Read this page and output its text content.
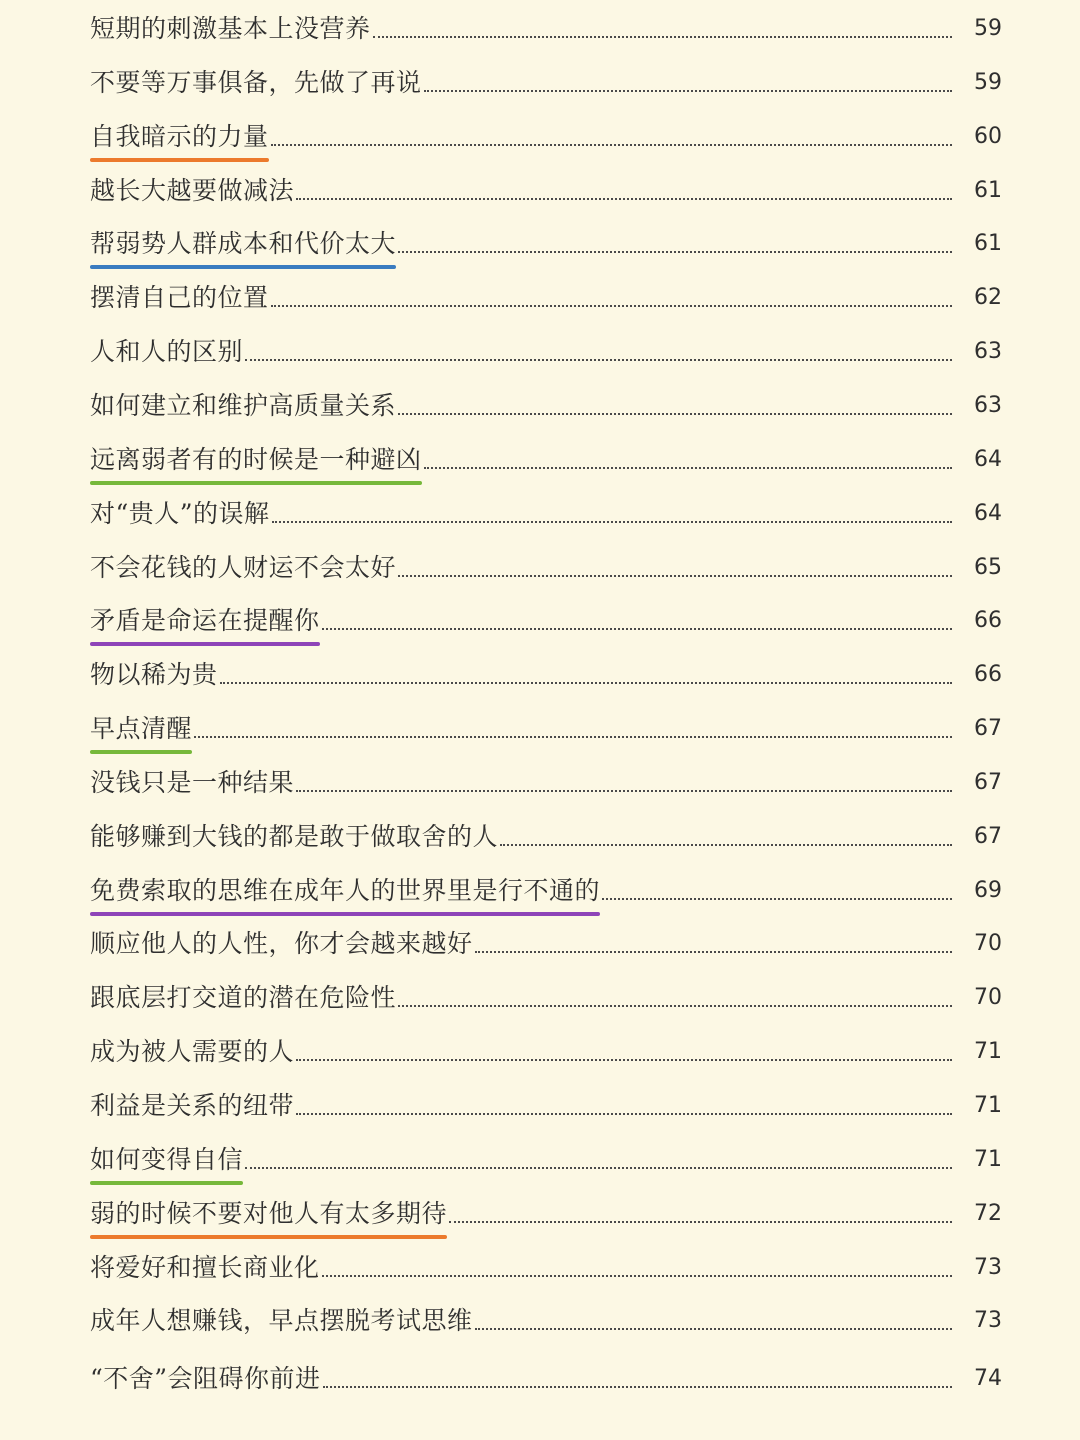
短期的刺激基本上没营养	59
不要等万事俱备，先做了再说	59
自我暗示的力量	60
越长大越要做减法	61
帮弱势人群成本和代价太大	61
摆清自己的位置	62
人和人的区别	63
如何建立和维护高质量关系	63
远离弱者有的时候是一种避凶	64
对“贵人”的误解	64
不会花钱的人财运不会太好	65
矛盾是命运在提醒你	66
物以稀为贵	66
早点清醒	67
没钱只是一种结果	67
能够赚到大钱的都是敢于做取舍的人	67
免费索取的思维在成年人的世界里是行不通的	69
顺应他人的人性，你才会越来越好	70
跟底层打交道的潜在危险性	70
成为被人需要的人	71
利益是关系的纽带	71
如何变得自信	71
弱的时候不要对他人有太多期待	72
将爱好和擅长商业化	73
成年人想赚钱，早点摆脱考试思维	73
“不舍”会阻碍你前进	74
